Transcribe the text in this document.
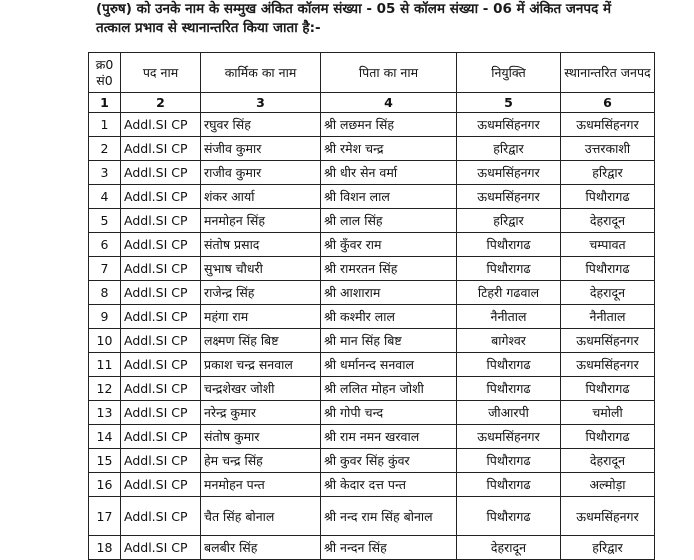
(पुरुष) को उनके नाम के सम्मुख अंकित कॉलम संख्या - 05 से कॉलम संख्या - 06 में अंकित जनपद में

तत्काल प्रभाव से स्थानान्तरित किया जाता है:-

क्र0 सं0	पद नाम	कार्मिक का नाम	पिता का नाम	नियुक्ति	स्थानान्तरित जनपद
1	2	3	4	5	6
1	Addl.SI CP	रघुवर सिंह	श्री लछमन सिंह	ऊधमसिंहनगर	ऊधमसिंहनगर
2	Addl.SI CP	संजीव कुमार	श्री रमेश चन्द्र	हरिद्वार	उत्तरकाशी
3	Addl.SI CP	राजीव कुमार	श्री धीर सेन वर्मा	ऊधमसिंहनगर	हरिद्वार
4	Addl.SI CP	शंकर आर्या	श्री विशन लाल	ऊधमसिंहनगर	पिथौरागढ
5	Addl.SI CP	मनमोहन सिंह	श्री लाल सिंह	हरिद्वार	देहरादून
6	Addl.SI CP	संतोष प्रसाद	श्री कुँवर राम	पिथौरागढ	चम्पावत
7	Addl.SI CP	सुभाष चौधरी	श्री रामरतन सिंह	पिथौरागढ	पिथौरागढ
8	Addl.SI CP	राजेन्द्र सिंह	श्री आशाराम	टिहरी गढवाल	देहरादून
9	Addl.SI CP	महंगा राम	श्री कश्मीर लाल	नैनीताल	नैनीताल
10	Addl.SI CP	लक्ष्मण सिंह बिष्ट	श्री मान सिंह बिष्ट	बागेश्वर	ऊधमसिंहनगर
11	Addl.SI CP	प्रकाश चन्द्र सनवाल	श्री धर्मानन्द सनवाल	पिथौरागढ	ऊधमसिंहनगर
12	Addl.SI CP	चन्द्रशेखर जोशी	श्री ललित मोहन जोशी	पिथौरागढ	पिथौरागढ
13	Addl.SI CP	नरेन्द्र कुमार	श्री गोपी चन्द	जीआरपी	चमोली
14	Addl.SI CP	संतोष कुमार	श्री राम नमन खरवाल	ऊधमसिंहनगर	पिथौरागढ
15	Addl.SI CP	हेम चन्द्र सिंह	श्री कुवर सिंह कुंवर	पिथौरागढ	देहरादून
16	Addl.SI CP	मनमोहन पन्त	श्री केदार दत्त पन्त	पिथौरागढ	अल्मोड़ा
17	Addl.SI CP	चैत सिंह बोनाल	श्री नन्द राम सिंह बोनाल	पिथौरागढ	ऊधमसिंहनगर
18	Addl.SI CP	बलबीर सिंह	श्री नन्दन सिंह	देहरादून	हरिद्वार
